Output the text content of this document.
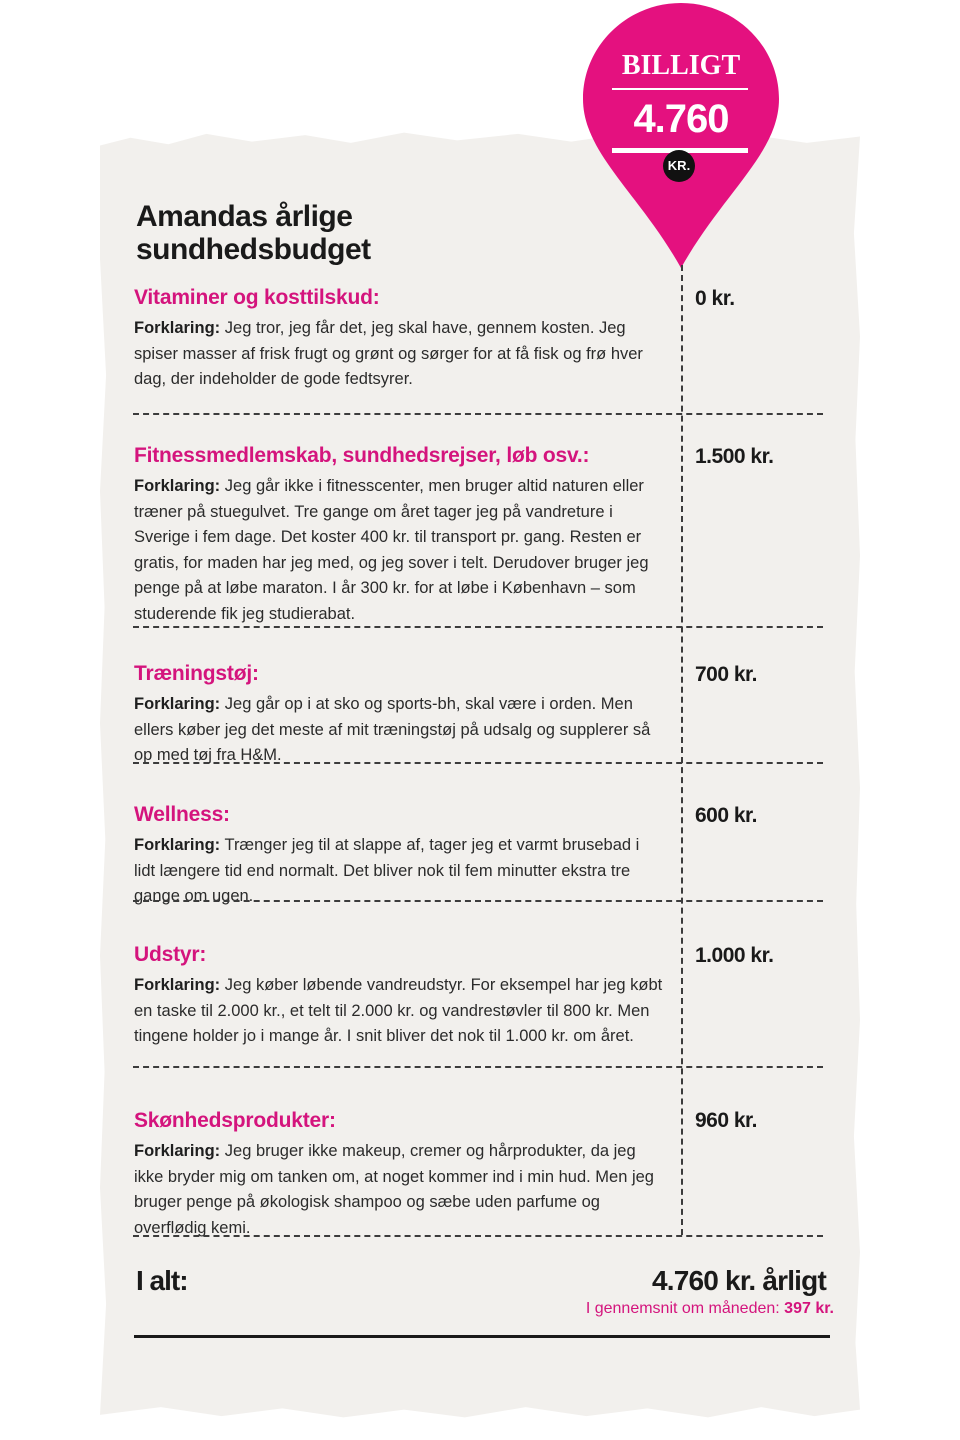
BILLIGT
4.760
KR.
Amandas årlige sundhedsbudget
Vitaminer og kosttilskud:

Forklaring: Jeg tror, jeg får det, jeg skal have, gennem kosten. Jeg spiser masser af frisk frugt og grønt og sørger for at få fisk og frø hver dag, der indeholder de gode fedtsyrer.

0 kr.
Fitnessmedlemskab, sundhedsrejser, løb osv.:

Forklaring: Jeg går ikke i fitnesscenter, men bruger altid naturen eller træner på stuegulvet. Tre gange om året tager jeg på vandreture i Sverige i fem dage. Det koster 400 kr. til transport pr. gang. Resten er gratis, for maden har jeg med, og jeg sover i telt. Derudover bruger jeg penge på at løbe maraton. I år 300 kr. for at løbe i København – som studerende fik jeg studierabat.

1.500 kr.
Træningstøj:

Forklaring: Jeg går op i at sko og sports-bh, skal være i orden. Men ellers køber jeg det meste af mit træningstøj på udsalg og supplerer så op med tøj fra H&M.

700 kr.
Wellness:

Forklaring: Trænger jeg til at slappe af, tager jeg et varmt brusebad i lidt længere tid end normalt. Det bliver nok til fem minutter ekstra tre gange om ugen.

600 kr.
Udstyr:

Forklaring: Jeg køber løbende vandreudstyr. For eksempel har jeg købt en taske til 2.000 kr., et telt til 2.000 kr. og vandrestøvler til 800 kr. Men tingene holder jo i mange år. I snit bliver det nok til 1.000 kr. om året.

1.000 kr.
Skønhedsprodukter:

Forklaring: Jeg bruger ikke makeup, cremer og hårprodukter, da jeg ikke bryder mig om tanken om, at noget kommer ind i min hud. Men jeg bruger penge på økologisk shampoo og sæbe uden parfume og overflødig kemi.

960 kr.
I alt:	4.760 kr. årligt
I gennemsnit om måneden: 397 kr.
